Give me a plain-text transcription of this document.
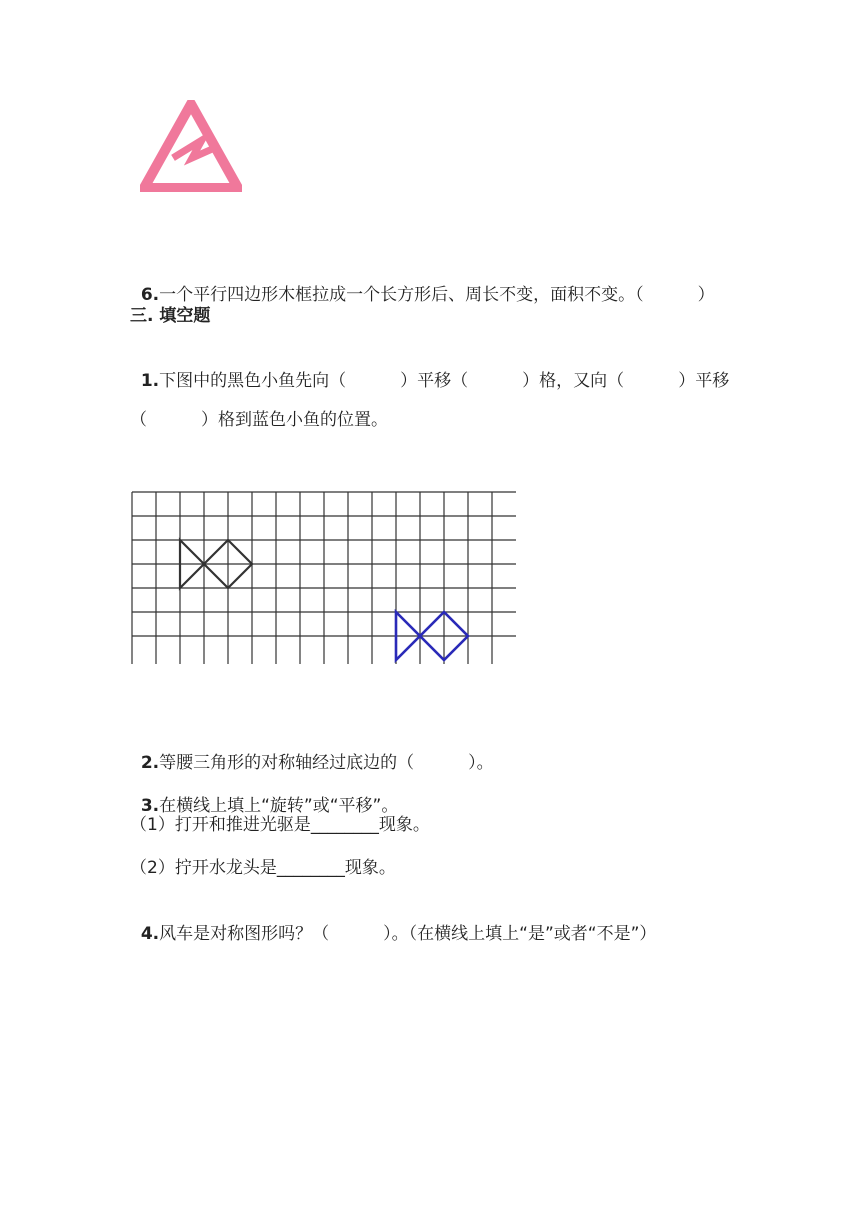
6.一个平行四边形木框拉成一个长方形后、周长不变，面积不变。（          ）

三. 填空题

1.下图中的黑色小鱼先向（          ）平移（          ）格，又向（          ）平移

（          ）格到蓝色小鱼的位置。

2.等腰三角形的对称轴经过底边的（          ）。

3.在横线上填上“旋转”或“平移”。

（1）打开和推进光驱是________现象。
（2）拧开水龙头是________现象。

4.风车是对称图形吗？（          ）。（在横线上填上“是”或者“不是”）
